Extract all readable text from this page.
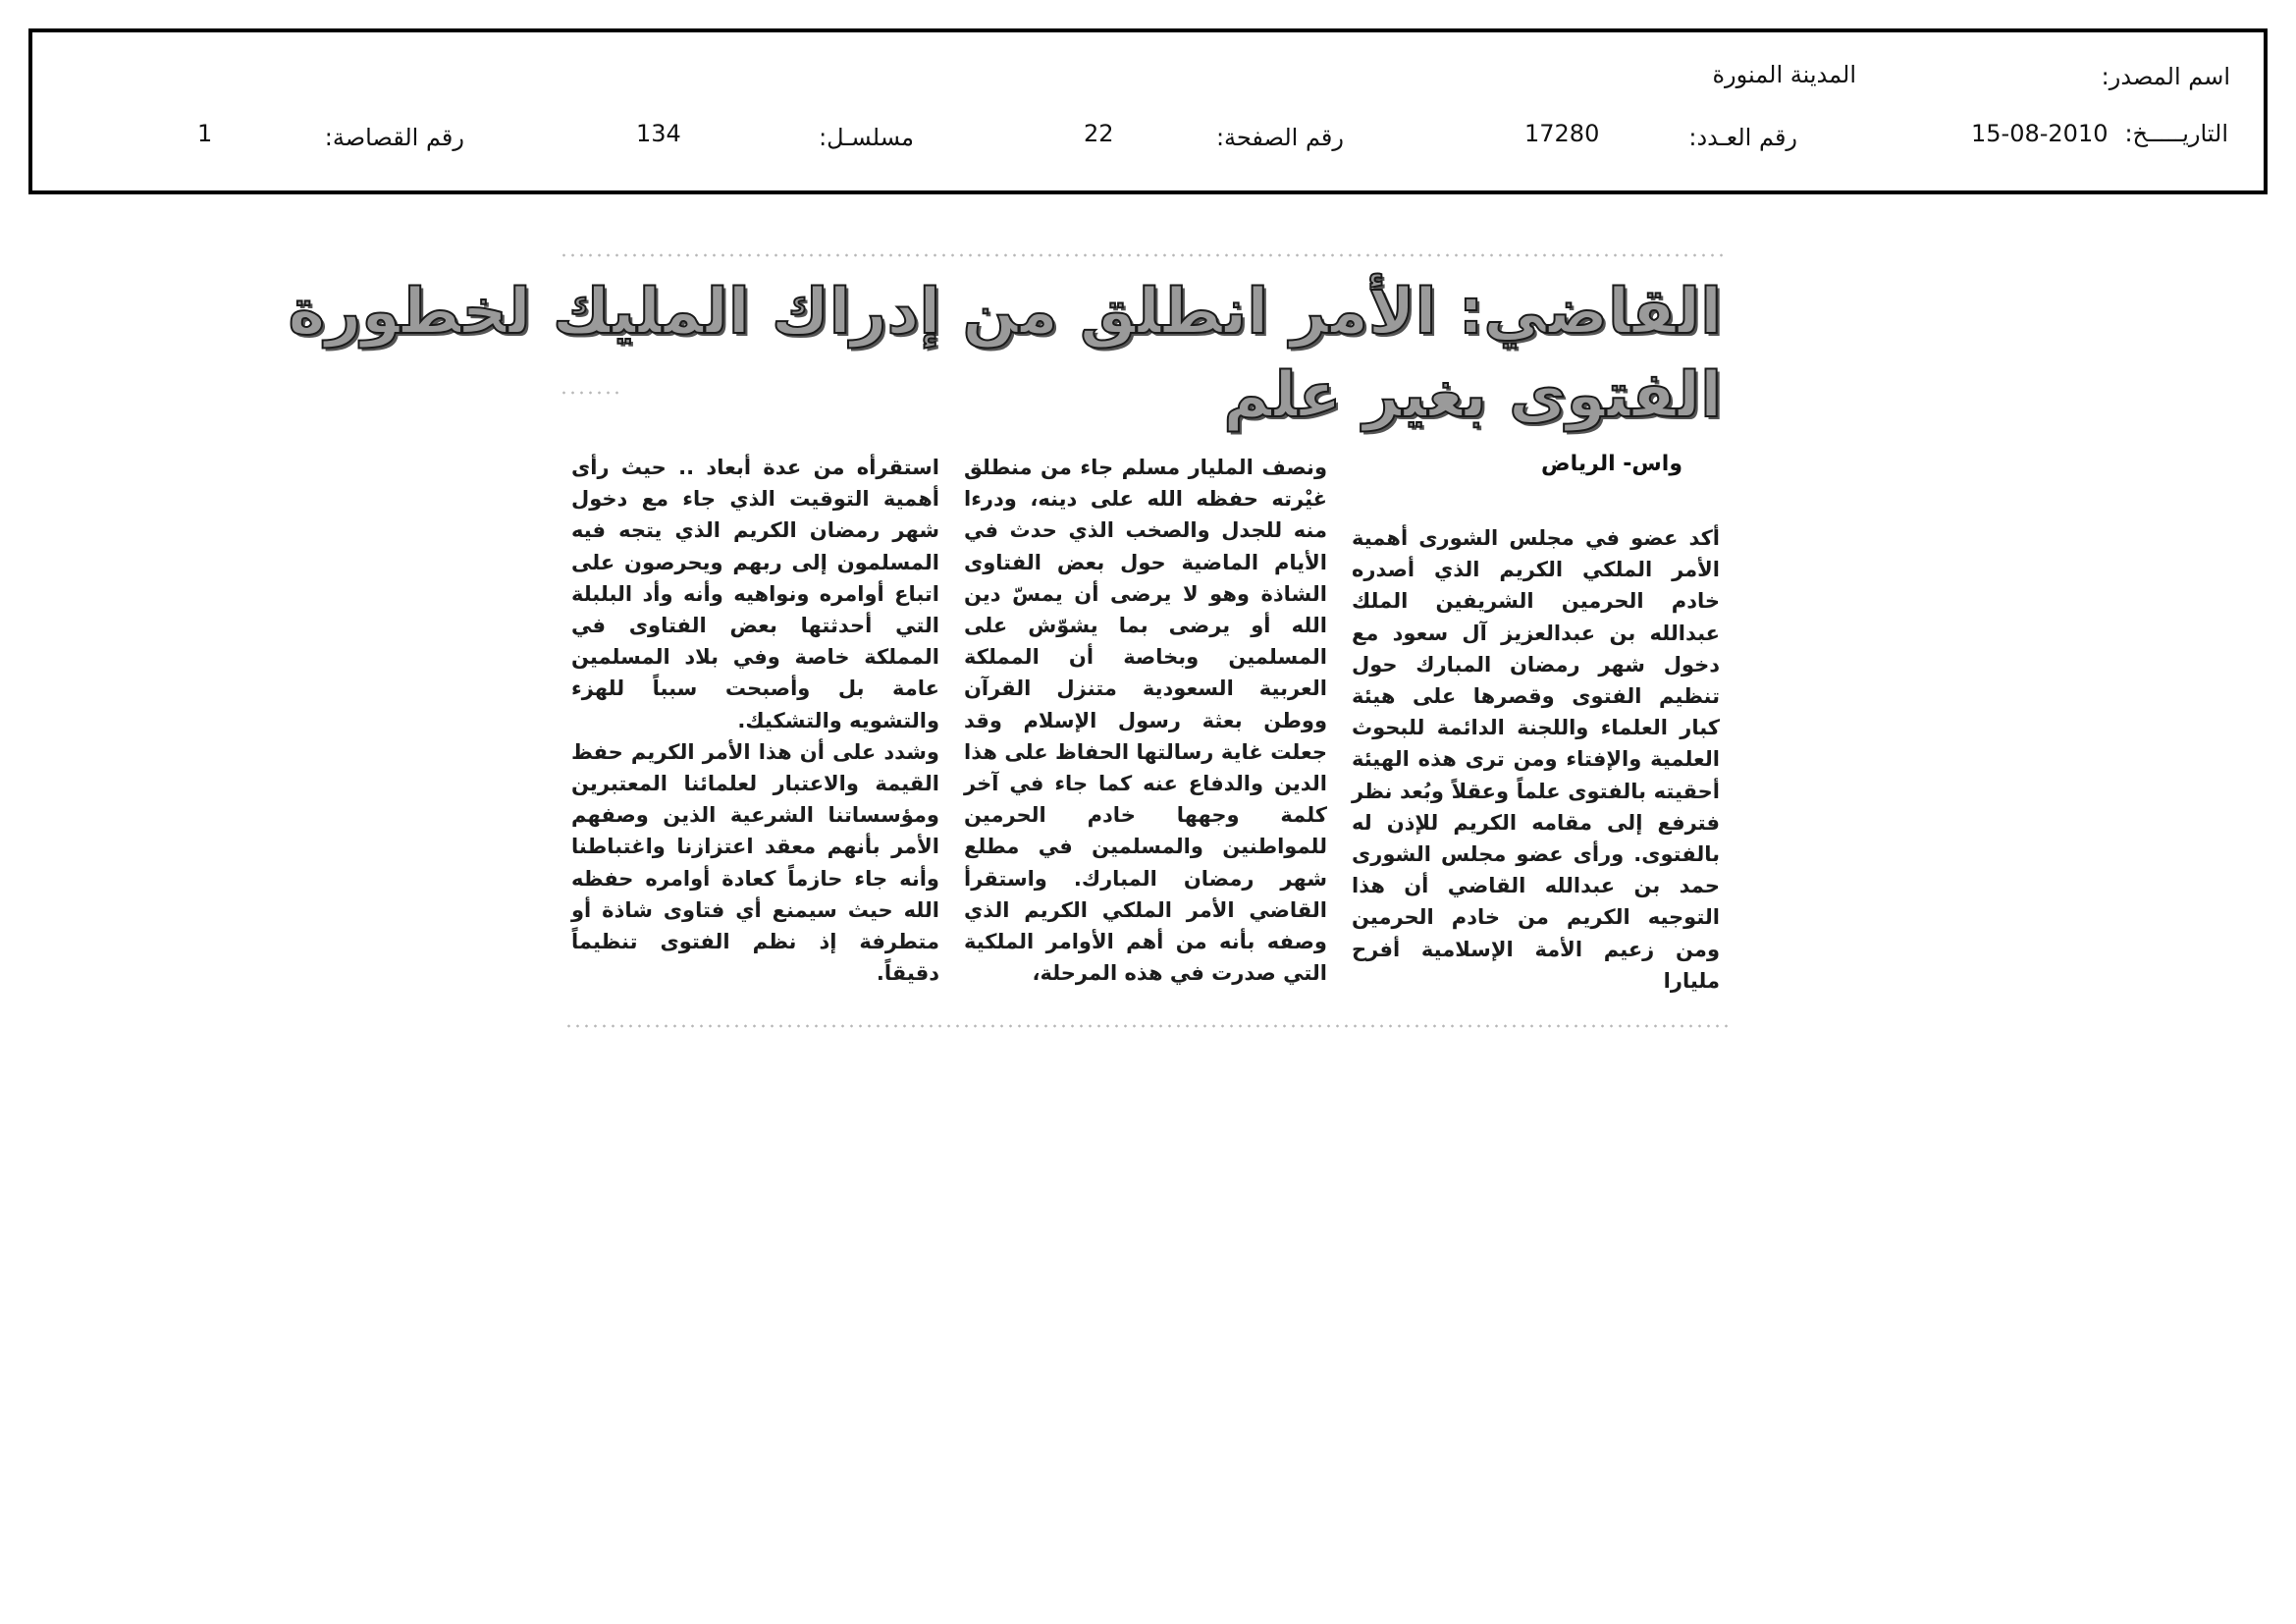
اسم المصدر:
المدينة المنورة
التاريـــــخ:
15-08-2010
رقم العـدد:
17280
رقم الصفحة:
22
مسلسـل:
134
رقم القصاصة:
1
القاضي: الأمر انطلق من إدراك المليك لخطورة
الفتوى بغير علم
واس- الرياض

أكد عضو في مجلس الشورى أهمية الأمر الملكي الكريم الذي أصدره خادم الحرمين الشريفين الملك عبدالله بن عبدالعزيز آل سعود مع دخول شهر رمضان المبارك حول تنظيم الفتوى وقصرها على هيئة كبار العلماء واللجنة الدائمة للبحوث العلمية والإفتاء ومن ترى هذه الهيئة أحقيته بالفتوى علماً وعقلاً وبُعد نظر فترفع إلى مقامه الكريم للإذن له بالفتوى. ورأى عضو مجلس الشورى حمد بن عبدالله القاضي أن هذا التوجيه الكريم من خادم الحرمين ومن زعيم الأمة الإسلامية أفرح مليارا

ونصف المليار مسلم جاء من منطلق غيْرته حفظه الله على دينه، ودرءا منه للجدل والصخب الذي حدث في الأيام الماضية حول بعض الفتاوى الشاذة وهو لا يرضى أن يمسّ دين الله أو يرضى بما يشوّش على المسلمين وبخاصة أن المملكة العربية السعودية متنزل القرآن ووطن بعثة رسول الإسلام وقد جعلت غاية رسالتها الحفاظ على هذا الدين والدفاع عنه كما جاء في آخر كلمة وجهها خادم الحرمين للمواطنين والمسلمين في مطلع شهر رمضان المبارك. واستقرأ القاضي الأمر الملكي الكريم الذي وصفه بأنه من أهم الأوامر الملكية التي صدرت في هذه المرحلة،

استقرأه من عدة أبعاد .. حيث رأى أهمية التوقيت الذي جاء مع دخول شهر رمضان الكريم الذي يتجه فيه المسلمون إلى ربهم ويحرصون على اتباع أوامره ونواهيه وأنه وأد البلبلة التي أحدثتها بعض الفتاوى في المملكة خاصة وفي بلاد المسلمين عامة بل وأصبحت سبباً للهزء والتشويه والتشكيك.

وشدد على أن هذا الأمر الكريم حفظ القيمة والاعتبار لعلمائنا المعتبرين ومؤسساتنا الشرعية الذين وصفهم الأمر بأنهم معقد اعتزازنا واغتباطنا وأنه جاء حازماً كعادة أوامره حفظه الله حيث سيمنع أي فتاوى شاذة أو متطرفة إذ نظم الفتوى تنظيماً دقيقاً.
